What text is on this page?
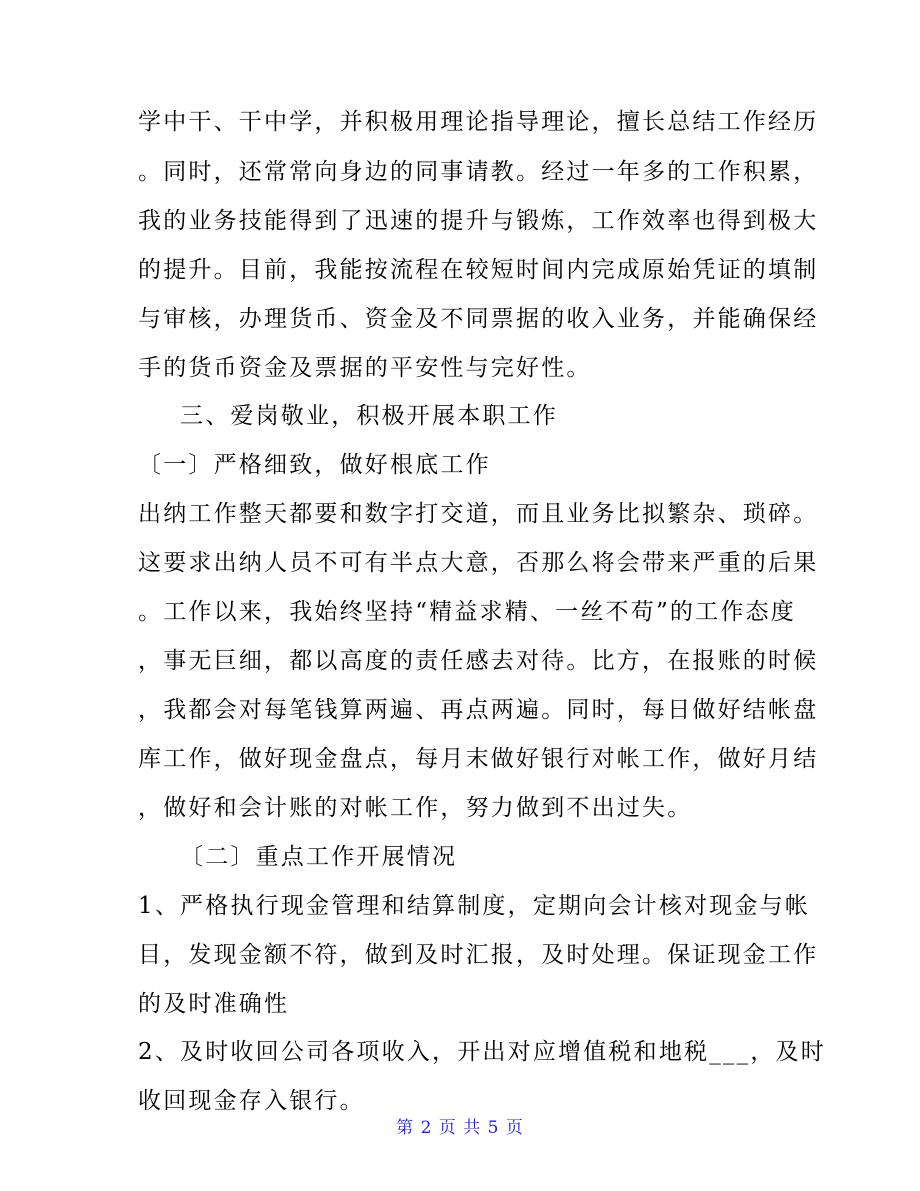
学中干、干中学，并积极用理论指导理论，擅长总结工作经历
。同时，还常常向身边的同事请教。经过一年多的工作积累，
我的业务技能得到了迅速的提升与锻炼，工作效率也得到极大
的提升。目前，我能按流程在较短时间内完成原始凭证的填制
与审核，办理货币、资金及不同票据的收入业务，并能确保经
手的货币资金及票据的平安性与完好性。
三、爱岗敬业，积极开展本职工作
〔一〕严格细致，做好根底工作
出纳工作整天都要和数字打交道，而且业务比拟繁杂、琐碎。
这要求出纳人员不可有半点大意，否那么将会带来严重的后果
。工作以来，我始终坚持“精益求精、一丝不苟”的工作态度
，事无巨细，都以高度的责任感去对待。比方，在报账的时候
，我都会对每笔钱算两遍、再点两遍。同时，每日做好结帐盘
库工作，做好现金盘点，每月末做好银行对帐工作，做好月结
，做好和会计账的对帐工作，努力做到不出过失。
〔二〕重点工作开展情况
1、严格执行现金管理和结算制度，定期向会计核对现金与帐
目，发现金额不符，做到及时汇报，及时处理。保证现金工作
的及时准确性
2、及时收回公司各项收入，开出对应增值税和地税___，及时
收回现金存入银行。
第 2 页 共 5 页
